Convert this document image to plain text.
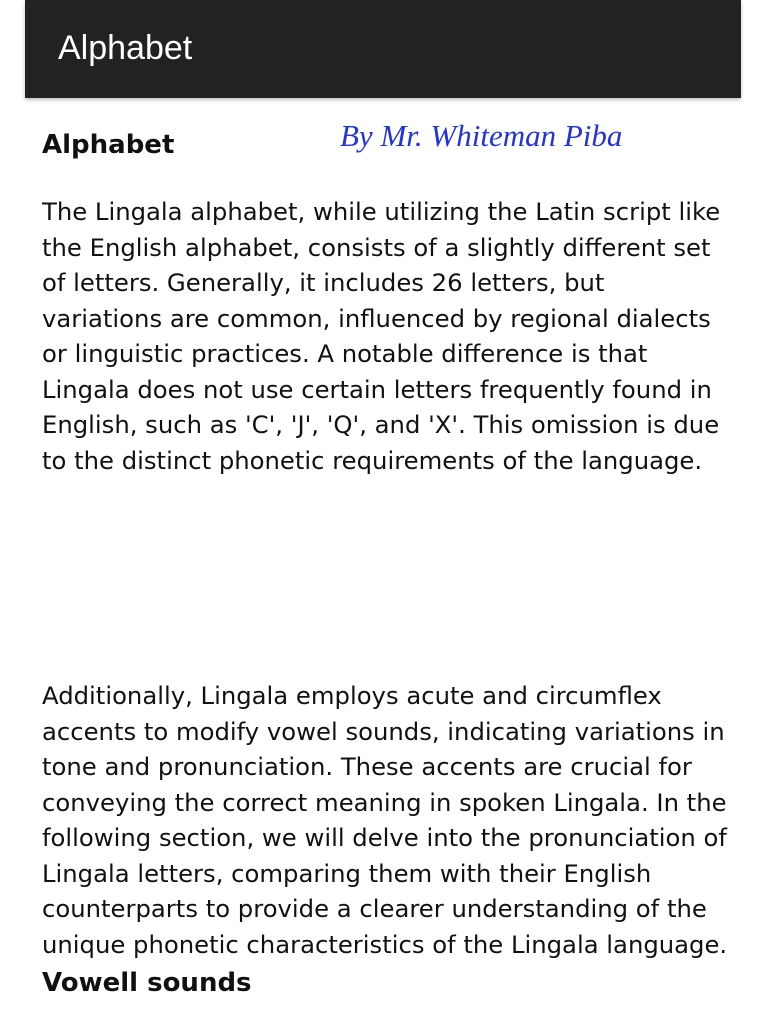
Alphabet
Alphabet	By Mr. Whiteman Piba

The Lingala alphabet, while utilizing the Latin script like the English alphabet, consists of a slightly different set of letters. Generally, it includes 26 letters, but variations are common, influenced by regional dialects or linguistic practices. A notable difference is that Lingala does not use certain letters frequently found in English, such as 'C', 'J', 'Q', and 'X'. This omission is due to the distinct phonetic requirements of the language.

Additionally, Lingala employs acute and circumflex accents to modify vowel sounds, indicating variations in tone and pronunciation. These accents are crucial for conveying the correct meaning in spoken Lingala. In the following section, we will delve into the pronunciation of Lingala letters, comparing them with their English counterparts to provide a clearer understanding of the unique phonetic characteristics of the Lingala language.

Vowell sounds
